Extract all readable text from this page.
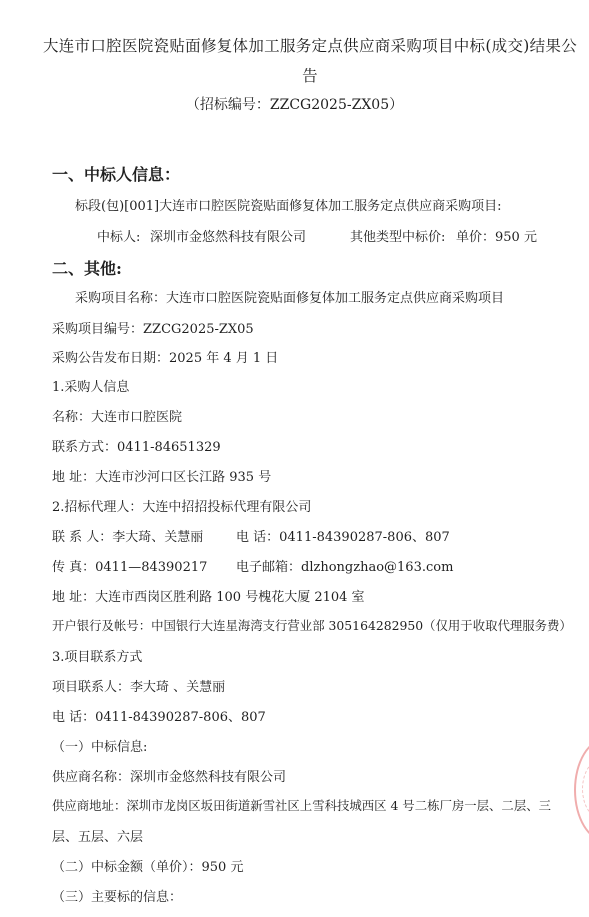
大连市口腔医院瓷贴面修复体加工服务定点供应商采购项目中标(成交)结果公
告
（招标编号：ZZCG2025-ZX05）
一、中标人信息：
标段(包)[001]大连市口腔医院瓷贴面修复体加工服务定点供应商采购项目:
中标人: 深圳市金悠然科技有限公司	其他类型中标价: 单价：950 元
二、其他:
采购项目名称：大连市口腔医院瓷贴面修复体加工服务定点供应商采购项目
采购项目编号：ZZCG2025-ZX05
采购公告发布日期：2025 年 4 月 1 日
1.采购人信息
名称：大连市口腔医院
联系方式：0411-84651329
地 址：大连市沙河口区长江路 935 号
2.招标代理人：大连中招招投标代理有限公司
联 系 人：李大琦、关慧丽	电 话：0411-84390287-806、807
传 真：0411—84390217 电子邮箱：dlzhongzhao@163.com
地 址：大连市西岗区胜利路 100 号槐花大厦 2104 室
开户银行及帐号：中国银行大连星海湾支行营业部 305164282950（仅用于收取代理服务费）
3.项目联系方式
项目联系人：李大琦 、关慧丽
电 话：0411-84390287-806、807
（一）中标信息:
供应商名称：深圳市金悠然科技有限公司
供应商地址：深圳市龙岗区坂田街道新雪社区上雪科技城西区 4 号二栋厂房一层、二层、三
层、五层、六层
（二）中标金额（单价）：950 元
（三）主要标的信息：
